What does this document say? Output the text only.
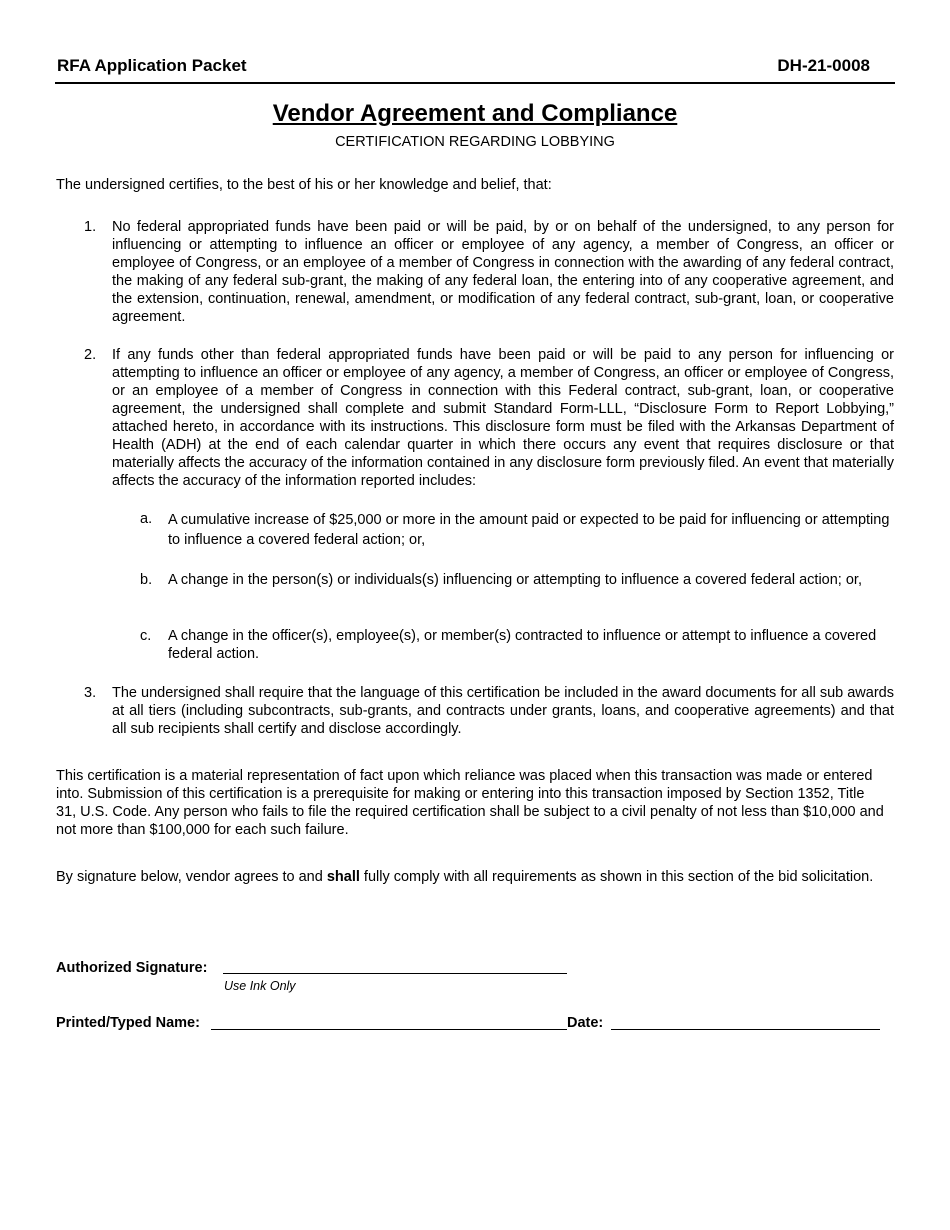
RFA Application Packet	DH-21-0008
Vendor Agreement and Compliance
CERTIFICATION REGARDING LOBBYING
The undersigned certifies, to the best of his or her knowledge and belief, that:
1. No federal appropriated funds have been paid or will be paid, by or on behalf of the undersigned, to any person for influencing or attempting to influence an officer or employee of any agency, a member of Congress, an officer or employee of Congress, or an employee of a member of Congress in connection with the awarding of any federal contract, the making of any federal sub-grant, the making of any federal loan, the entering into of any cooperative agreement, and the extension, continuation, renewal, amendment, or modification of any federal contract, sub-grant, loan, or cooperative agreement.
2. If any funds other than federal appropriated funds have been paid or will be paid to any person for influencing or attempting to influence an officer or employee of any agency, a member of Congress, an officer or employee of Congress, or an employee of a member of Congress in connection with this Federal contract, sub-grant, loan, or cooperative agreement, the undersigned shall complete and submit Standard Form-LLL, “Disclosure Form to Report Lobbying,” attached hereto, in accordance with its instructions. This disclosure form must be filed with the Arkansas Department of Health (ADH) at the end of each calendar quarter in which there occurs any event that requires disclosure or that materially affects the accuracy of the information contained in any disclosure form previously filed. An event that materially affects the accuracy of the information reported includes:
a. A cumulative increase of $25,000 or more in the amount paid or expected to be paid for influencing or attempting to influence a covered federal action; or,
b. A change in the person(s) or individuals(s) influencing or attempting to influence a covered federal action; or,
c. A change in the officer(s), employee(s), or member(s) contracted to influence or attempt to influence a covered federal action.
3. The undersigned shall require that the language of this certification be included in the award documents for all sub awards at all tiers (including subcontracts, sub-grants, and contracts under grants, loans, and cooperative agreements) and that all sub recipients shall certify and disclose accordingly.
This certification is a material representation of fact upon which reliance was placed when this transaction was made or entered into. Submission of this certification is a prerequisite for making or entering into this transaction imposed by Section 1352, Title 31, U.S. Code. Any person who fails to file the required certification shall be subject to a civil penalty of not less than $10,000 and not more than $100,000 for each such failure.
By signature below, vendor agrees to and shall fully comply with all requirements as shown in this section of the bid solicitation.
Authorized Signature:
Use Ink Only
Printed/Typed Name:	Date:
